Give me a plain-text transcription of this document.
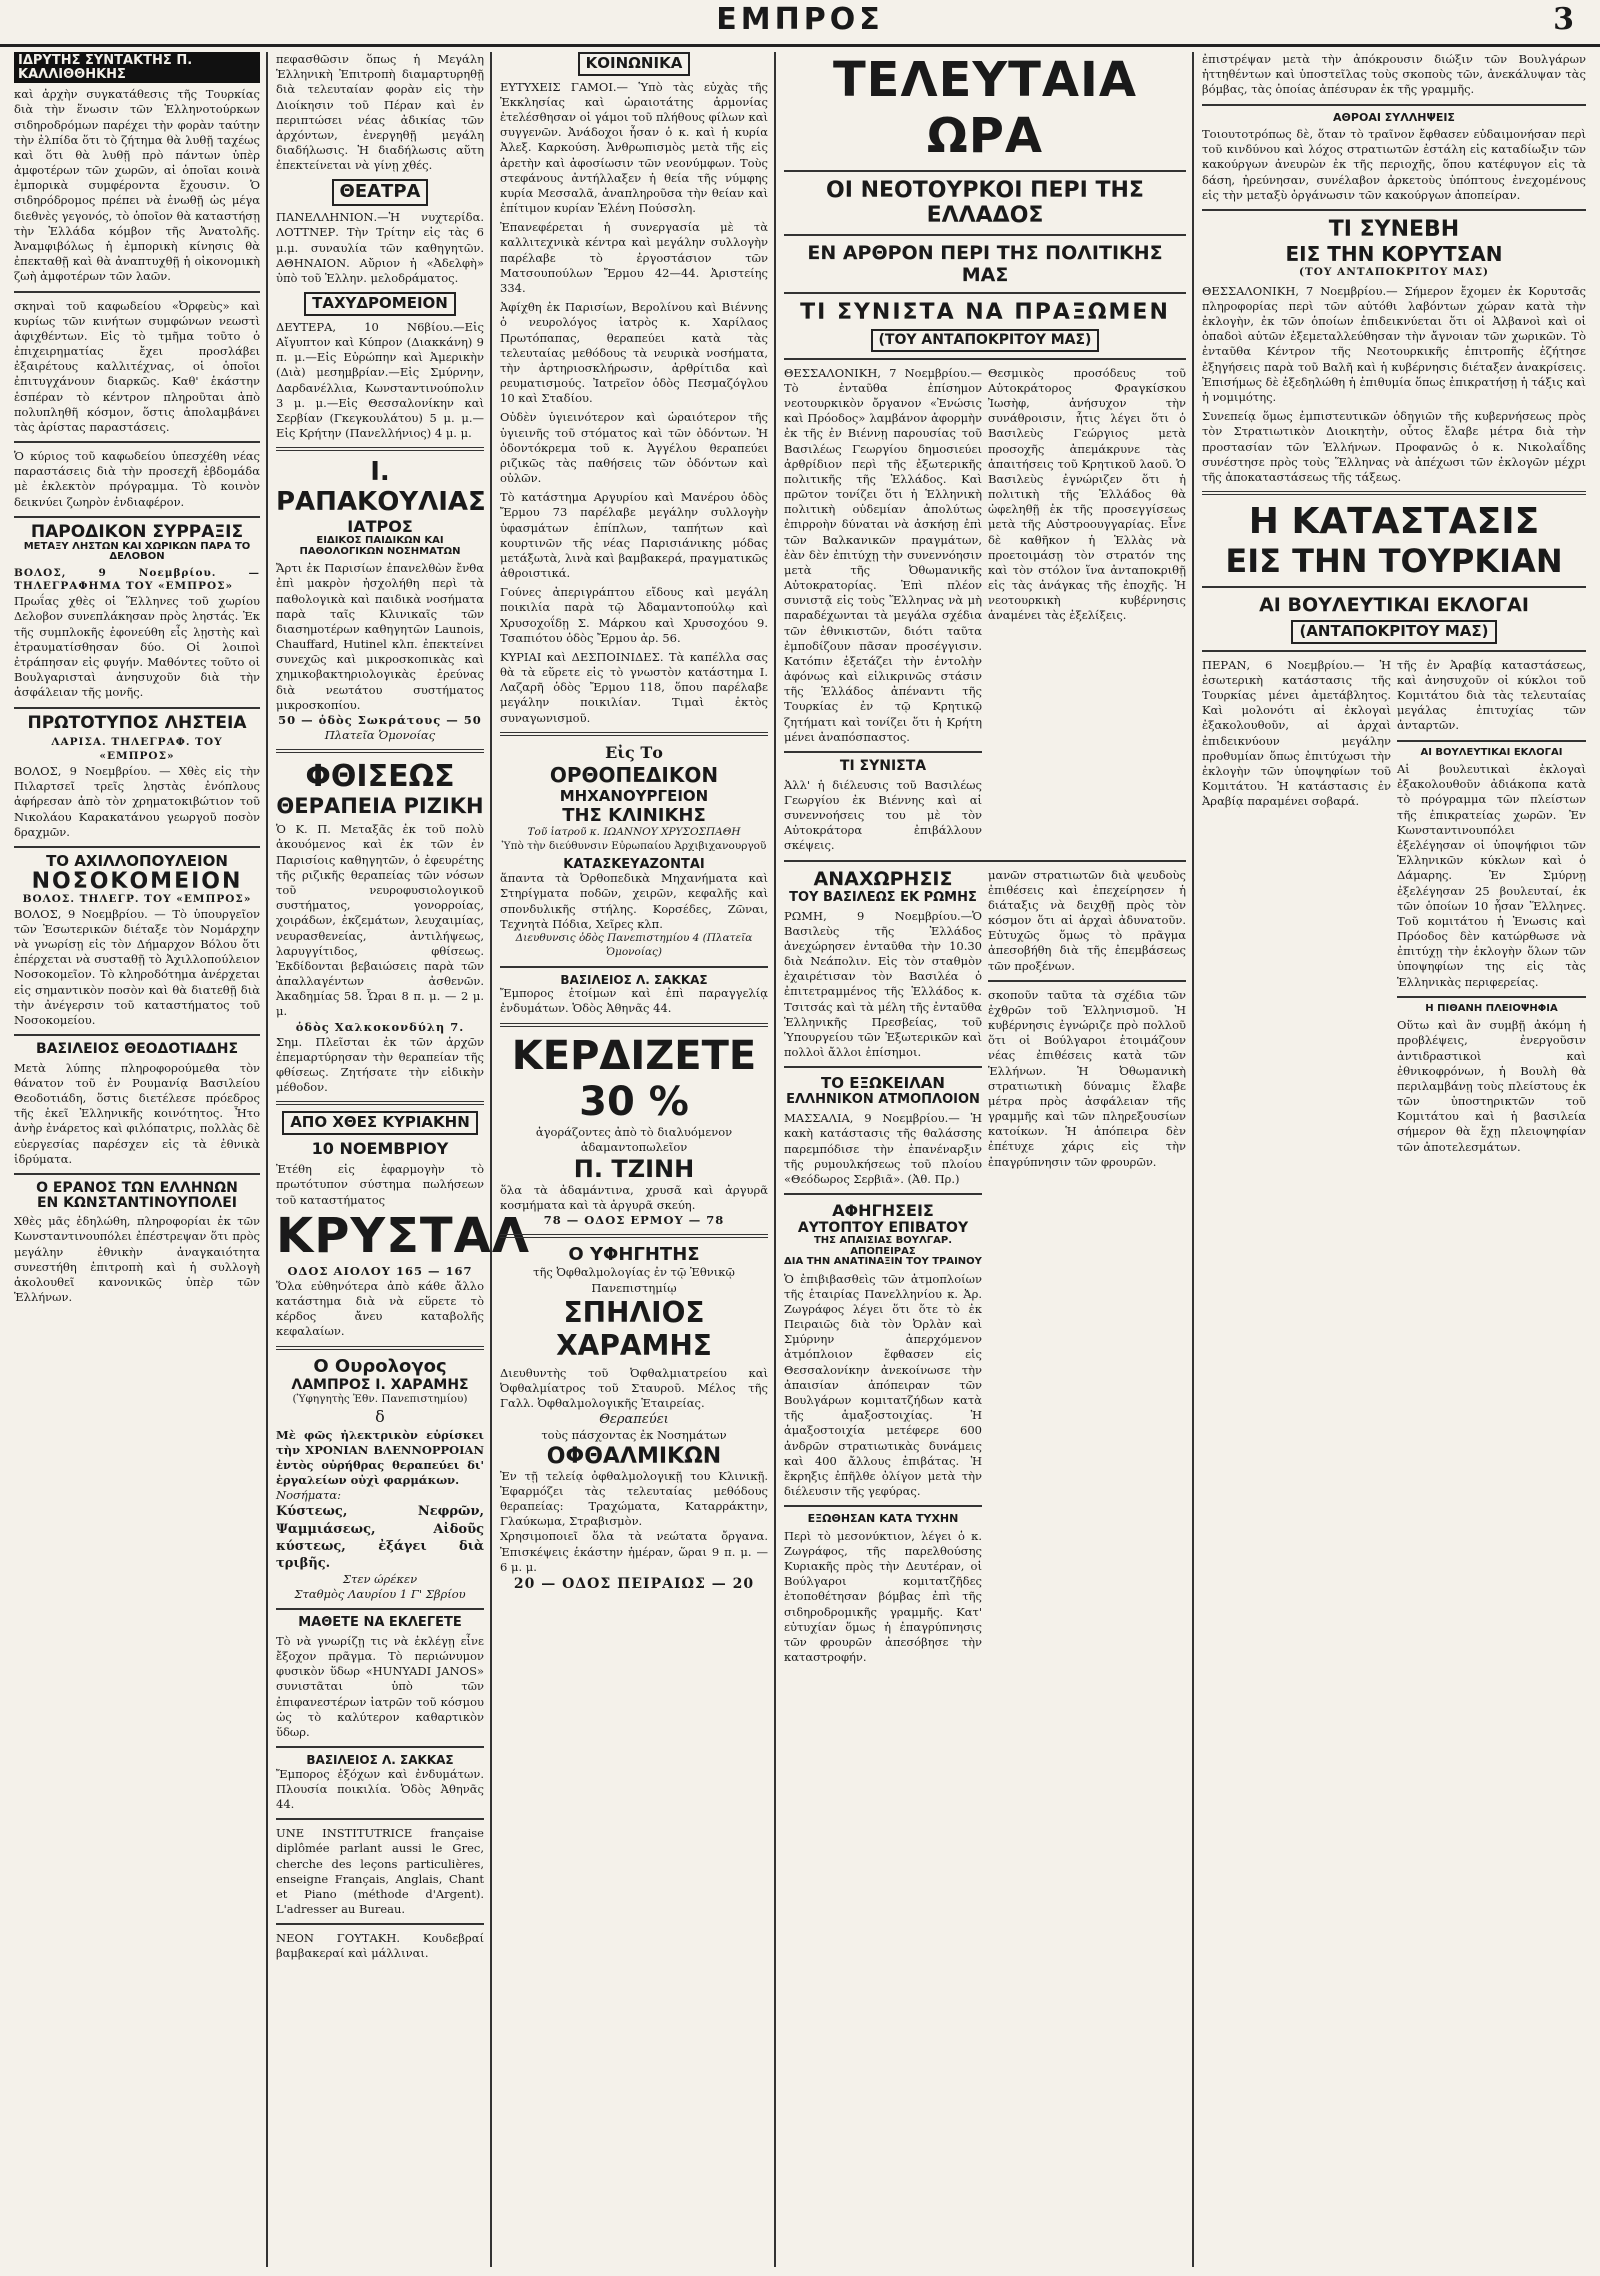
ΕΜΠΡΟΣ	3
ΙΔΡΥΤΗΣ ΣΥΝΤΑΚΤΗΣ Π. ΚΑΛΛΙΘΘΗΚΗΣ

καὶ ἀρχὴν συγκατάθεσις τῆς Τουρκίας διὰ τὴν ἕνωσιν τῶν Ἑλληνοτούρκων σιδηροδρόμων παρέχει τὴν φορὰν ταύτην τὴν ἐλπίδα ὅτι τὸ ζήτημα θὰ λυθῇ ταχέως καὶ ὅτι θὰ λυθῇ πρὸ πάντων ὑπὲρ ἀμφοτέρων τῶν χωρῶν, αἱ ὁποῖαι κοινὰ ἐμπορικὰ συμφέροντα ἔχουσιν. Ὁ σιδηρόδρομος πρέπει νὰ ἑνωθῇ ὡς μέγα διεθνὲς γεγονός, τὸ ὁποῖον θὰ καταστήσῃ τὴν Ἑλλάδα κόμβον τῆς Ἀνατολῆς. Ἀναμφιβόλως ἡ ἐμπορικὴ κίνησις θὰ ἐπεκταθῇ καὶ θὰ ἀναπτυχθῇ ἡ οἰκονομικὴ ζωὴ ἀμφοτέρων τῶν λαῶν.

σκηναὶ τοῦ καφωδείου «Ὀρφεὺς» καὶ κυρίως τῶν κινήτων συμφώνων νεωστὶ ἀφιχθέντων. Εἰς τὸ τμῆμα τοῦτο ὁ ἐπιχειρηματίας ἔχει προσλάβει ἐξαιρέτους καλλιτέχνας, οἱ ὁποῖοι ἐπιτυγχάνουν διαρκῶς. Καθ' ἑκάστην ἑσπέραν τὸ κέντρον πληροῦται ἀπὸ πολυπληθῆ κόσμον, ὅστις ἀπολαμβάνει τὰς ἀρίστας παραστάσεις.

Ὁ κύριος τοῦ καφωδείου ὑπεσχέθη νέας παραστάσεις διὰ τὴν προσεχῆ ἑβδομάδα μὲ ἐκλεκτὸν πρόγραμμα. Τὸ κοινὸν δεικνύει ζωηρὸν ἐνδιαφέρον.

ΠΑΡΟΔΙΚΟΝ ΣΥΡΡΑΞΙΣ
ΜΕΤΑΞΥ ΛΗΣΤΩΝ ΚΑΙ ΧΩΡΙΚΩΝ ΠΑΡΑ ΤΟ ΔΕΛΟΒΟΝ

ΒΟΛΟΣ, 9 Νοεμβρίου. — ΤΗΛΕΓΡΑΦΗΜΑ ΤΟΥ «ΕΜΠΡΟΣ»

Πρωΐας χθὲς οἱ Ἕλληνες τοῦ χωρίου Δελοβον συνεπλάκησαν πρὸς ληστάς. Ἐκ τῆς συμπλοκῆς ἐφονεύθη εἷς λῃστὴς καὶ ἐτραυματίσθησαν δύο. Οἱ λοιποὶ ἐτράπησαν εἰς φυγήν. Μαθόντες τοῦτο οἱ Βουλγαρισταὶ ἀνησυχοῦν διὰ τὴν ἀσφάλειαν τῆς μονῆς.

ΠΡΩΤΟΤΥΠΟΣ ΛΗΣΤΕΙΑ

ΛΑΡΙΣΑ. ΤΗΛΕΓΡΑΦ. ΤΟΥ «ΕΜΠΡΟΣ»

ΒΟΛΟΣ, 9 Νοεμβρίου. — Χθὲς εἰς τὴν Πιλαρτσεῖ τρεῖς ληστὰς ἐνόπλους ἀφήρεσαν ἀπὸ τὸν χρηματοκιβώτιον τοῦ Νικολάου Καρακατάνου γεωργοῦ ποσὸν δραχμῶν.

ΤΟ ΑΧΙΛΛΟΠΟΥΛΕΙΟΝ
ΝΟΣΟΚΟΜΕΙΟΝ

ΒΟΛΟΣ. ΤΗΛΕΓΡ. ΤΟΥ «ΕΜΠΡΟΣ»

ΒΟΛΟΣ, 9 Νοεμβρίου. — Τὸ ὑπουργεῖον τῶν Ἐσωτερικῶν διέταξε τὸν Νομάρχην νὰ γνωρίσῃ εἰς τὸν Δήμαρχον Βόλου ὅτι ἐπέρχεται νὰ συσταθῇ τὸ Ἀχιλλοπούλειον Νοσοκομεῖον. Τὸ κληροδότημα ἀνέρχεται εἰς σημαντικὸν ποσὸν καὶ θὰ διατεθῇ διὰ τὴν ἀνέγερσιν τοῦ καταστήματος τοῦ Νοσοκομείου.

ΒΑΣΙΛΕΙΟΣ ΘΕΟΔΟΤΙΑΔΗΣ

Μετὰ λύπης πληροφορούμεθα τὸν θάνατον τοῦ ἐν Ρουμανίᾳ Βασιλείου Θεοδοτιάδη, ὅστις διετέλεσε πρόεδρος τῆς ἐκεῖ Ἑλληνικῆς κοινότητος. Ἦτο ἀνὴρ ἐνάρετος καὶ φιλόπατρις, πολλὰς δὲ εὐεργεσίας παρέσχεν εἰς τὰ ἐθνικὰ ἱδρύματα.

Ο ΕΡΑΝΟΣ ΤΩΝ ΕΛΛΗΝΩΝ
ΕΝ ΚΩΝΣΤΑΝΤΙΝΟΥΠΟΛΕΙ

Χθὲς μᾶς ἐδηλώθη, πληροφορίαι ἐκ τῶν Κωνσταντινουπόλει ἐπέστρεψαν ὅτι πρὸς μεγάλην ἐθνικὴν ἀναγκαιότητα συνεστήθη ἐπιτροπὴ καὶ ἡ συλλογὴ ἀκολουθεῖ κανονικῶς ὑπὲρ τῶν Ἑλλήνων.

πεφασθῶσιν ὅπως ἡ Μεγάλη Ἑλληνικὴ Ἐπιτροπὴ διαμαρτυρηθῇ διὰ τελευταίαν φορὰν εἰς τὴν Διοίκησιν τοῦ Πέραν καὶ ἐν περιπτώσει νέας ἀδικίας τῶν ἀρχόντων, ἐνεργηθῇ μεγάλη διαδήλωσις. Ἡ διαδήλωσις αὕτη ἐπεκτείνεται νὰ γίνῃ χθές.

ΘΕΑΤΡΑ

ΠΑΝΕΛΛΗΝΙΟΝ.—Ἡ νυχτερίδα. ΛΟΤΤΝΕΡ. Τὴν Τρίτην εἰς τὰς 6 μ.μ. συναυλία τῶν καθηγητῶν. ΑΘΗΝΑΙΟΝ. Αὔριον ἡ «Ἀδελφὴ» ὑπὸ τοῦ Ἑλλην. μελοδράματος.

ΤΑΧΥΔΡΟΜΕΙΟΝ

ΔΕΥΤΕΡΑ, 10 Ν6βίου.—Εἰς Αἴγυπτον καὶ Κύπρον (Διακκάνη) 9 π. μ.—Εἰς Εὐρώπην καὶ Ἀμερικὴν (Διὰ) μεσημβρίαν.—Εἰς Σμύρνην, Δαρδανέλλια, Κωνσταντινούπολιν 3 μ. μ.—Εἰς Θεσσαλονίκην καὶ Σερβίαν (Γκεγκουλάτου) 5 μ. μ.—Εἰς Κρήτην (Πανελλήνιος) 4 μ. μ.

Ι. ΡΑΠΑΚΟΥΛΙΑΣ
ΙΑΤΡΟΣ
ΕΙΔΙΚΟΣ ΠΑΙΔΙΚΩΝ ΚΑΙ ΠΑΘΟΛΟΓΙΚΩΝ ΝΟΣΗΜΑΤΩΝ

Ἄρτι ἐκ Παρισίων ἐπανελθὼν ἔνθα ἐπὶ μακρὸν ἠσχολήθη περὶ τὰ παθολογικὰ καὶ παιδικὰ νοσήματα παρὰ ταῖς Κλινικαῖς τῶν διασημοτέρων καθηγητῶν Launois, Chauffard, Hutinel κλπ. ἐπεκτείνει συνεχῶς καὶ μικροσκοπικὰς καὶ χημικοβακτηριολογικὰς ἐρεύνας διὰ νεωτάτου συστήματος μικροσκοπίου.

50 — ὁδὸς Σωκράτους — 50

Πλατεῖα Ὁμονοίας

ΦΘΙΣΕΩΣ
ΘΕΡΑΠΕΙΑ ΡΙΖΙΚΗ

Ὁ Κ. Π. Μεταξᾶς ἐκ τοῦ πολὺ ἀκουόμενος καὶ ἐκ τῶν ἐν Παρισίοις καθηγητῶν, ὁ ἐφευρέτης τῆς ριζικῆς θεραπείας τῶν νόσων τοῦ νευροφυσιολογικοῦ συστήματος, γονορροίας, χοιράδων, ἐκζεμάτων, λευχαιμίας, νευρασθενείας, ἀντιλήψεως, λαρυγγίτιδος, φθίσεως. Ἐκδίδονται βεβαιώσεις παρὰ τῶν ἀπαλλαγέντων ἀσθενῶν. Ἀκαδημίας 58. Ὧραι 8 π. μ. — 2 μ. μ.

ὁδὸς Χαλκοκονδύλη 7.

Σημ. Πλεῖσται ἐκ τῶν ἀρχῶν ἐπεμαρτύρησαν τὴν θεραπείαν τῆς φθίσεως. Ζητήσατε τὴν εἰδικὴν μέθοδον.

ΑΠΟ ΧΘΕΣ ΚΥΡΙΑΚΗΝ
10 ΝΟΕΜΒΡΙΟΥ

Ἐτέθη εἰς ἐφαρμογὴν τὸ πρωτότυπον σύστημα πωλήσεων τοῦ καταστήματος

ΚΡΥΣΤΑΛ

ΟΔΟΣ ΑΙΟΛΟΥ 165 — 167

Ὅλα εὐθηνότερα ἀπὸ κάθε ἄλλο κατάστημα διὰ νὰ εὕρετε τὸ κέρδος ἄνευ καταβολῆς κεφαλαίων.

Ο Ουρολογος
ΛΑΜΠΡΟΣ Ι. ΧΑΡΑΜΗΣ

(Ὑφηγητὴς Ἐθν. Πανεπιστημίου)

δ

Μὲ φῶς ἠλεκτρικὸν εὑρίσκει τὴν ΧΡΟΝΙΑΝ ΒΛΕΝΝΟΡΡΟΙΑΝ ἐντὸς οὐρήθρας θεραπεύει δι' ἐργαλείων οὐχὶ φαρμάκων.

Νοσήματα:

Κύστεως, Νεφρῶν, Ψαμμιάσεως, Αἰδοῦς κύστεως, ἐξάγει διὰ τριβῆς.

Στεν ώρέκεν

Σταθμὸς Λαυρίου 1 Γ' Σβρίου

ΜΑΘΕΤΕ ΝΑ ΕΚΛΕΓΕΤΕ

Τὸ νὰ γνωρίζῃ τις νὰ ἐκλέγῃ εἶνε ἔξοχον πρᾶγμα. Τὸ περιώνυμον φυσικὸν ὕδωρ «HUNYADI JANOS» συνιστᾶται ὑπὸ τῶν ἐπιφανεστέρων ἰατρῶν τοῦ κόσμου ὡς τὸ καλύτερον καθαρτικὸν ὕδωρ.

ΒΑΣΙΛΕΙΟΣ Λ. ΣΑΚΚΑΣ

Ἔμπορος ἐξόχων καὶ ἐνδυμάτων. Πλουσία ποικιλία. Ὁδὸς Ἀθηνᾶς 44.

UNE INSTITUTRICE française diplômée parlant aussi le Grec, cherche des leçons particulières, enseigne Français, Anglais, Chant et Piano (méthode d'Argent). L'adresser au Bureau.

ΝΕΟΝ ΓΟΥΤΑΚΗ. Κουδεβραί βαμβακεραί καὶ μάλλιναι.

ΚΟΙΝΩΝΙΚΑ

ΕΥΤΥΧΕΙΣ ΓΑΜΟΙ.— Ὑπὸ τὰς εὐχὰς τῆς Ἐκκλησίας καὶ ὡραιοτάτης ἁρμονίας ἐτελέσθησαν οἱ γάμοι τοῦ πλήθους φίλων καὶ συγγενῶν. Ἀνάδοχοι ἦσαν ὁ κ. καὶ ἡ κυρία Ἀλεξ. Καρκούση. Ἀνθρωπισμὸς μετὰ τῆς εἰς ἀρετὴν καὶ ἀφοσίωσιν τῶν νεονύμφων. Τοὺς στεφάνους ἀντήλλαξεν ἡ θεία τῆς νύμφης κυρία Μεσσαλᾶ, ἀναπληροῦσα τὴν θείαν καὶ ἐπίτιμον κυρίαν Ἑλένη Πούσσλη.

Ἐπανεφέρεται ἡ συνεργασία μὲ τὰ καλλιτεχνικὰ κέντρα καὶ μεγάλην συλλογὴν παρέλαβε τὸ ἐργοστάσιον τῶν Ματσουπούλων Ἔρμου 42—44. Ἀριστείης 334.

Ἀφίχθη ἐκ Παρισίων, Βερολίνου καὶ Βιέννης ὁ νευρολόγος ἰατρὸς κ. Χαρίλαος Πρωτόπαπας, θεραπεύει κατὰ τὰς τελευταίας μεθόδους τὰ νευρικὰ νοσήματα, τὴν ἀρτηριοσκλήρωσιν, ἀρθρίτιδα καὶ ρευματισμούς. Ἰατρεῖον ὁδὸς Πεσμαζόγλου 10 καὶ Σταδίου.

Οὐδὲν ὑγιεινότερον καὶ ὡραιότερον τῆς ὑγιεινῆς τοῦ στόματος καὶ τῶν ὀδόντων. Ἡ ὀδοντόκρεμα τοῦ κ. Ἀγγέλου θεραπεύει ριζικῶς τὰς παθήσεις τῶν ὀδόντων καὶ οὐλῶν.

Τὸ κατάστημα Αργυρίου καὶ Μανέρου ὁδὸς Ἔρμου 73 παρέλαβε μεγάλην συλλογὴν ὑφασμάτων ἐπίπλων, ταπήτων καὶ κουρτινῶν τῆς νέας Παρισιάνικης μόδας μετάξωτὰ, λινὰ καὶ βαμβακερά, πραγματικῶς ἀθροιστικά.

Γούνες ἀπεριγράπτου εἴδους καὶ μεγάλη ποικιλία παρὰ τῷ Ἀδαμαντοπούλῳ καὶ Χρυσοχοΐδῃ Σ. Μάρκου καὶ Χρυσοχόου 9. Τσαπιότου ὁδὸς Ἔρμου ἀρ. 56.

ΚΥΡΙΑΙ καὶ ΔΕΣΠΟΙΝΙΔΕΣ. Τὰ καπέλλα σας θὰ τὰ εὕρετε εἰς τὸ γνωστὸν κατάστημα Ι. Λαζαρῆ ὁδὸς Ἔρμου 118, ὅπου παρέλαβε μεγάλην ποικιλίαν. Τιμαὶ ἐκτὸς συναγωνισμοῦ.

Εἰς Το

ΟΡΘΟΠΕΔΙΚΟΝ
ΜΗΧΑΝΟΥΡΓΕΙΟΝ
ΤΗΣ ΚΛΙΝΙΚΗΣ

Τοῦ ἰατροῦ κ. ΙΩΑΝΝΟΥ ΧΡΥΣΟΣΠΑΘΗ

Ὑπὸ τὴν διεύθυνσιν Εὐρωπαίου Ἀρχιβιχανουργοῦ

ΚΑΤΑΣΚΕΥΑΖΟΝΤΑΙ

ἅπαντα τὰ Ὀρθοπεδικὰ Μηχανήματα καὶ Στηρίγματα ποδῶν, χειρῶν, κεφαλῆς καὶ σπονδυλικῆς στήλης. Κορσέδες, Ζῶναι, Τεχνητὰ Πόδια, Χεῖρες κλπ.

Διευθυνσις ὁδὸς Πανεπιστημίου 4 (Πλατεῖα Ὁμονοίας)

ΒΑΣΙΛΕΙΟΣ Λ. ΣΑΚΚΑΣ

Ἔμπορος ἐτοίμων καὶ ἐπὶ παραγγελίᾳ ἐνδυμάτων. Ὁδὸς Ἀθηνᾶς 44.

ΚΕΡΔΙΖΕΤΕ
30 %

ἀγοράζοντες ἀπὸ τὸ διαλυόμενον ἀδαμαντοπωλεῖον

Π. ΤΖΙΝΗ

ὅλα τὰ ἀδαμάντινα, χρυσᾶ καὶ ἀργυρᾶ κοσμήματα καὶ τὰ ἀργυρᾶ σκεύη.

78 — ΟΔΟΣ ΕΡΜΟΥ — 78

Ο ΥΦΗΓΗΤΗΣ

τῆς Ὀφθαλμολογίας ἐν τῷ Ἐθνικῷ Πανεπιστημίῳ

ΣΠΗΛΙΟΣ
ΧΑΡΑΜΗΣ

Διευθυντὴς τοῦ Ὀφθαλμιατρείου καὶ Ὀφθαλμίατρος τοῦ Σταυροῦ. Μέλος τῆς Γαλλ. Ὀφθαλμολογικῆς Ἑταιρείας.

Θεραπεύει

τοὺς πάσχοντας ἐκ Νοσημάτων

ΟΦΘΑΛΜΙΚΩΝ

Ἐν τῇ τελείᾳ ὀφθαλμολογικῇ του Κλινικῇ. Ἐφαρμόζει τὰς τελευταίας μεθόδους θεραπείας: Τραχώματα, Καταρράκτην, Γλαύκωμα, Στραβισμὸν.

Χρησιμοποιεῖ ὅλα τὰ νεώτατα ὄργανα. Ἐπισκέψεις ἑκάστην ἡμέραν, ὥραι 9 π. μ. — 6 μ. μ.

20 — ΟΔΟΣ ΠΕΙΡΑΙΩΣ — 20

ΤΕΛΕΥΤΑΙΑ ΩΡΑ
ΟΙ ΝΕΟΤΟΥΡΚΟΙ ΠΕΡΙ ΤΗΣ ΕΛΛΑΔΟΣ
ΕΝ ΑΡΘΡΟΝ ΠΕΡΙ ΤΗΣ ΠΟΛΙΤΙΚΗΣ ΜΑΣ
ΤΙ ΣΥΝΙΣΤΑ ΝΑ ΠΡΑΞΩΜΕΝ
(ΤΟΥ ΑΝΤΑΠΟΚΡΙΤΟΥ ΜΑΣ)

ΘΕΣΣΑΛΟΝΙΚΗ, 7 Νοεμβρίου.— Τὸ ἐνταῦθα ἐπίσημον νεοτουρκικὸν ὄργανον «Ἐνώσις καὶ Πρόοδος» λαμβάνον ἀφορμὴν ἐκ τῆς ἐν Βιέννῃ παρουσίας τοῦ Βασιλέως Γεωργίου δημοσιεύει ἀρθρίδιον περὶ τῆς ἐξωτερικῆς πολιτικῆς τῆς Ἑλλάδος. Καὶ πρῶτον τονίζει ὅτι ἡ Ἑλληνικὴ πολιτικὴ οὐδεμίαν ἀπολύτως ἐπιρροὴν δύναται νὰ ἀσκήσῃ ἐπὶ τῶν Βαλκανικῶν πραγμάτων, ἐὰν δὲν ἐπιτύχῃ τὴν συνεννόησιν μετὰ τῆς Ὀθωμανικῆς Αὐτοκρατορίας. Ἐπὶ πλέον συνιστᾷ εἰς τοὺς Ἕλληνας νὰ μὴ παραδέχωνται τὰ μεγάλα σχέδια τῶν ἐθνικιστῶν, διότι ταῦτα ἐμποδίζουν πᾶσαν προσέγγισιν. Κατόπιν ἐξετάζει τὴν ἐντολὴν ἀφόνως καὶ εἰλικρινῶς στάσιν τῆς Ἑλλάδος ἀπέναντι τῆς Τουρκίας ἐν τῷ Κρητικῷ ζητήματι καὶ τονίζει ὅτι ἡ Κρήτη μένει ἀναπόσπαστος.

ΤΙ ΣΥΝΙΣΤΑ

Ἀλλ' ἡ διέλευσις τοῦ Βασιλέως Γεωργίου ἐκ Βιέννης καὶ αἱ συνεννοήσεις του μὲ τὸν Αὐτοκράτορα ἐπιβάλλουν σκέψεις.

Θεσμικὸς προσόδευς τοῦ Αὐτοκράτορος Φραγκίσκου Ἰωσὴφ, ἀνήσυχον τὴν συνάθροισιν, ἧτις λέγει ὅτι ὁ Βασιλεὺς Γεώργιος μετὰ προσοχῆς ἀπεμάκρυνε τὰς ἀπαιτήσεις τοῦ Κρητικοῦ λαοῦ. Ὁ Βασιλεὺς ἐγνώριζεν ὅτι ἡ πολιτικὴ τῆς Ἑλλάδος θὰ ὠφεληθῇ ἐκ τῆς προσεγγίσεως μετὰ τῆς Αὐστροουγγαρίας. Εἶνε δὲ καθῆκον ἡ Ἑλλὰς νὰ προετοιμάσῃ τὸν στρατόν της καὶ τὸν στόλον ἵνα ἀνταποκριθῇ εἰς τὰς ἀνάγκας τῆς ἐποχῆς. Ἡ νεοτουρκικὴ κυβέρνησις ἀναμένει τὰς ἐξελίξεις.

ΑΝΑΧΩΡΗΣΙΣ
ΤΟΥ ΒΑΣΙΛΕΩΣ ΕΚ ΡΩΜΗΣ

ΡΩΜΗ, 9 Νοεμβρίου.—Ὁ Βασιλεὺς τῆς Ἑλλάδος ἀνεχώρησεν ἐνταῦθα τὴν 10.30 διὰ Νεάπολιν. Εἰς τὸν σταθμὸν ἐχαιρέτισαν τὸν Βασιλέα ὁ ἐπιτετραμμένος τῆς Ἑλλάδος κ. Τσιτσάς καὶ τὰ μέλη τῆς ἐνταῦθα Ἑλληνικῆς Πρεσβείας, τοῦ Ὑπουργείου τῶν Ἐξωτερικῶν καὶ πολλοὶ ἄλλοι ἐπίσημοι.

ΤΟ ΕΞΩΚΕΙΛΑΝ
ΕΛΛΗΝΙΚΟΝ ΑΤΜΟΠΛΟΙΟΝ

ΜΑΣΣΑΛΙΑ, 9 Νοεμβρίου.— Ἡ κακὴ κατάστασις τῆς θαλάσσης παρεμπόδισε τὴν ἐπανέναρξιν τῆς ρυμουλκήσεως τοῦ πλοίου «Θεόδωρος Σερβιᾶ». (Ἀθ. Πρ.)

ΑΦΗΓΗΣΕΙΣ
ΑΥΤΟΠΤΟΥ ΕΠΙΒΑΤΟΥ
ΤΗΣ ΑΠΑΙΣΙΑΣ ΒΟΥΛΓΑΡ. ΑΠΟΠΕΙΡΑΣ
ΔΙΑ ΤΗΝ ΑΝΑΤΙΝΑΞΙΝ ΤΟΥ ΤΡΑΙΝΟΥ

Ὁ ἐπιβιβασθεὶς τῶν ἀτμοπλοίων τῆς ἑταιρίας Πανελληνίου κ. Ἀρ. Ζωγράφος λέγει ὅτι ὅτε τὸ ἐκ Πειραιῶς διὰ τὸν Ὀρλὰν καὶ Σμύρνην ἀπερχόμενον ἀτμόπλοιον ἔφθασεν εἰς Θεσσαλονίκην ἀνεκοίνωσε τὴν ἀπαισίαν ἀπόπειραν τῶν Βουλγάρων κομιτατζήδων κατὰ τῆς ἁμαξοστοιχίας. Ἡ ἁμαξοστοιχία μετέφερε 600 ἀνδρῶν στρατιωτικὰς δυνάμεις καὶ 400 ἄλλους ἐπιβάτας. Ἡ ἔκρηξις ἐπῆλθε ὀλίγον μετὰ τὴν διέλευσιν τῆς γεφύρας.

ΕΞΩΘΗΣΑΝ ΚΑΤΑ ΤΥΧΗΝ

Περὶ τὸ μεσονύκτιον, λέγει ὁ κ. Ζωγράφος, τῆς παρελθούσης Κυριακῆς πρὸς τὴν Δευτέραν, οἱ Βούλγαροι κομιτατζῆδες ἐτοποθέτησαν βόμβας ἐπὶ τῆς σιδηροδρομικῆς γραμμῆς. Κατ' εὐτυχίαν ὅμως ἡ ἐπαγρύπνησις τῶν φρουρῶν ἀπεσόβησε τὴν καταστροφήν.

μανῶν στρατιωτῶν διὰ ψευδοὺς ἐπιθέσεις καὶ ἐπεχείρησεν ἡ διάταξις νὰ δειχθῇ πρὸς τὸν κόσμον ὅτι αἱ ἀρχαὶ ἀδυνατοῦν. Εὐτυχῶς ὅμως τὸ πρᾶγμα ἀπεσοβήθη διὰ τῆς ἐπεμβάσεως τῶν προξένων.

σκοποῦν ταῦτα τὰ σχέδια τῶν ἐχθρῶν τοῦ Ἑλληνισμοῦ. Ἡ κυβέρνησις ἐγνώριζε πρὸ πολλοῦ ὅτι οἱ Βούλγαροι ἑτοιμάζουν νέας ἐπιθέσεις κατὰ τῶν Ἑλλήνων. Ἡ Ὀθωμανικὴ στρατιωτικὴ δύναμις ἔλαβε μέτρα πρὸς ἀσφάλειαν τῆς γραμμῆς καὶ τῶν πληρεξουσίων κατοίκων. Ἡ ἀπόπειρα δὲν ἐπέτυχε χάρις εἰς τὴν ἐπαγρύπνησιν τῶν φρουρῶν.

ἐπιστρέψαν μετὰ τὴν ἀπόκρουσιν διώξιν τῶν Βουλγάρων ἡττηθέντων καὶ ὑποστεῖλας τοὺς σκοποὺς τῶν, ἀνεκάλυψαν τὰς βόμβας, τὰς ὁποίας ἀπέσυραν ἐκ τῆς γραμμῆς.

ΑΘΡΟΑΙ ΣΥΛΛΗΨΕΙΣ

Τοιουτοτρόπως δὲ, ὅταν τὸ τραῖνον ἔφθασεν εὐδαιμονήσαν περὶ τοῦ κινδύνου καὶ λόχος στρατιωτῶν ἐστάλη εἰς καταδίωξιν τῶν κακούργων ἀνευρὼν ἐκ τῆς περιοχῆς, ὅπου κατέφυγον εἰς τὰ δάση, ἠρεύνησαν, συνέλαβον ἀρκετοὺς ὑπόπτους ἐνεχομένους εἰς τὴν μεταξὺ ὀργάνωσιν τῶν κακούργων ἀποπείραν.

ΤΙ ΣΥΝΕΒΗ
ΕΙΣ ΤΗΝ ΚΟΡΥΤΣΑΝ

(ΤΟΥ ΑΝΤΑΠΟΚΡΙΤΟΥ ΜΑΣ)

ΘΕΣΣΑΛΟΝΙΚΗ, 7 Νοεμβρίου.— Σήμερον ἔχομεν ἐκ Κορυτσᾶς πληροφορίας περὶ τῶν αὐτόθι λαβόντων χώραν κατὰ τὴν ἐκλογὴν, ἐκ τῶν ὁποίων ἐπιδεικνύεται ὅτι οἱ Ἀλβανοὶ καὶ οἱ ὀπαδοὶ αὐτῶν ἐξεμεταλλεύθησαν τὴν ἄγνοιαν τῶν χωρικῶν. Τὸ ἐνταῦθα Κέντρον τῆς Νεοτουρκικῆς ἐπιτροπῆς ἐζήτησε ἐξηγήσεις παρὰ τοῦ Βαλῆ καὶ ἡ κυβέρνησις διέταξεν ἀνακρίσεις. Ἐπισήμως δὲ ἐξεδηλώθη ἡ ἐπιθυμία ὅπως ἐπικρατήσῃ ἡ τάξις καὶ ἡ νομιμότης.

Συνεπείᾳ ὅμως ἐμπιστευτικῶν ὁδηγιῶν τῆς κυβερνήσεως πρὸς τὸν Στρατιωτικὸν Διοικητὴν, οὗτος ἔλαβε μέτρα διὰ τὴν προστασίαν τῶν Ἑλλήνων. Προφανῶς ὁ κ. Νικολαΐδης συνέστησε πρὸς τοὺς Ἕλληνας νὰ ἀπέχωσι τῶν ἐκλογῶν μέχρι τῆς ἀποκαταστάσεως τῆς τάξεως.

Η ΚΑΤΑΣΤΑΣΙΣ
ΕΙΣ ΤΗΝ ΤΟΥΡΚΙΑΝ
ΑΙ ΒΟΥΛΕΥΤΙΚΑΙ ΕΚΛΟΓΑΙ
(ΑΝΤΑΠΟΚΡΙΤΟΥ ΜΑΣ)

ΠΕΡΑΝ, 6 Νοεμβρίου.— Ἡ ἐσωτερικὴ κατάστασις τῆς Τουρκίας μένει ἀμετάβλητος. Καὶ μολονότι αἱ ἐκλογαὶ ἐξακολουθοῦν, αἱ ἀρχαὶ ἐπιδεικνύουν μεγάλην προθυμίαν ὅπως ἐπιτύχωσι τὴν ἐκλογὴν τῶν ὑποψηφίων τοῦ Κομιτάτου. Ἡ κατάστασις ἐν Ἀραβίᾳ παραμένει σοβαρά.

τῆς ἐν Ἀραβίᾳ καταστάσεως, καὶ ἀνησυχοῦν οἱ κύκλοι τοῦ Κομιτάτου διὰ τὰς τελευταίας μεγάλας ἐπιτυχίας τῶν ἀνταρτῶν.

ΑΙ ΒΟΥΛΕΥΤΙΚΑΙ ΕΚΛΟΓΑΙ

Αἱ βουλευτικαὶ ἐκλογαὶ ἐξακολουθοῦν ἀδιάκοπα κατὰ τὸ πρόγραμμα τῶν πλείστων τῆς ἐπικρατείας χωρῶν. Ἐν Κωνσταντινουπόλει ἐξελέγησαν οἱ ὑποψήφιοι τῶν Ἑλληνικῶν κύκλων καὶ ὁ Δάμαρης. Ἐν Σμύρνῃ ἐξελέγησαν 25 βουλευταί, ἐκ τῶν ὁποίων 10 ἦσαν Ἕλληνες. Τοῦ κομιτάτου ἡ Ἑνωσις καὶ Πρόοδος δὲν κατώρθωσε νὰ ἐπιτύχῃ τὴν ἐκλογὴν ὅλων τῶν ὑποψηφίων της εἰς τὰς Ἑλληνικὰς περιφερείας.

Η ΠΙΘΑΝΗ ΠΛΕΙΟΨΗΦΙΑ

Οὕτω καὶ ἂν συμβῇ ἀκόμη ἡ προβλέψεις, ἐνεργοῦσιν ἀντιδραστικοὶ καὶ ἐθνικοφρόνων, ἡ Βουλὴ θὰ περιλαμβάνῃ τοὺς πλείστους ἐκ τῶν ὑποστηρικτῶν τοῦ Κομιτάτου καὶ ἡ βασιλεία σήμερον θὰ ἔχῃ πλειοψηφίαν τῶν ἀποτελεσμάτων.
